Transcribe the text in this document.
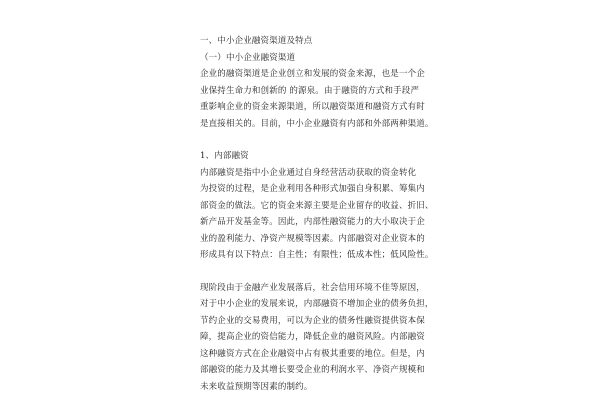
一、中小企业融资渠道及特点
（一）中小企业融资渠道
企业的融资渠道是企业创立和发展的资金来源，也是一个企
业保持生命力和创新的 的源泉。由于融资的方式和手段严
重影响企业的资金来源渠道，所以融资渠道和融资方式有时
是直接相关的。目前，中小企业融资有内部和外部两种渠道。
1、内部融资
内部融资是指中小企业通过自身经营活动获取的资金转化
为投资的过程，是企业利用各种形式加强自身积累、筹集内
部资金的做法。它的资金来源主要是企业留存的收益、折旧、
新产品开发基金等。因此，内部性融资能力的大小取决于企
业的盈利能力、净资产规模等因素。内部融资对企业资本的
形成具有以下特点：自主性；有限性；低成本性；低风险性。
现阶段由于金融产业发展落后，社会信用环境不佳等原因，
对于中小企业的发展来说，内部融资不增加企业的债务负担，
节约企业的交易费用，可以为企业的债务性融资提供资本保
障，提高企业的资信能力，降低企业的融资风险。内部融资
这种融资方式在企业融资中占有极其重要的地位。但是，内
部融资的能力及其增长要受企业的利润水平、净资产规模和
未来收益预期等因素的制约。
